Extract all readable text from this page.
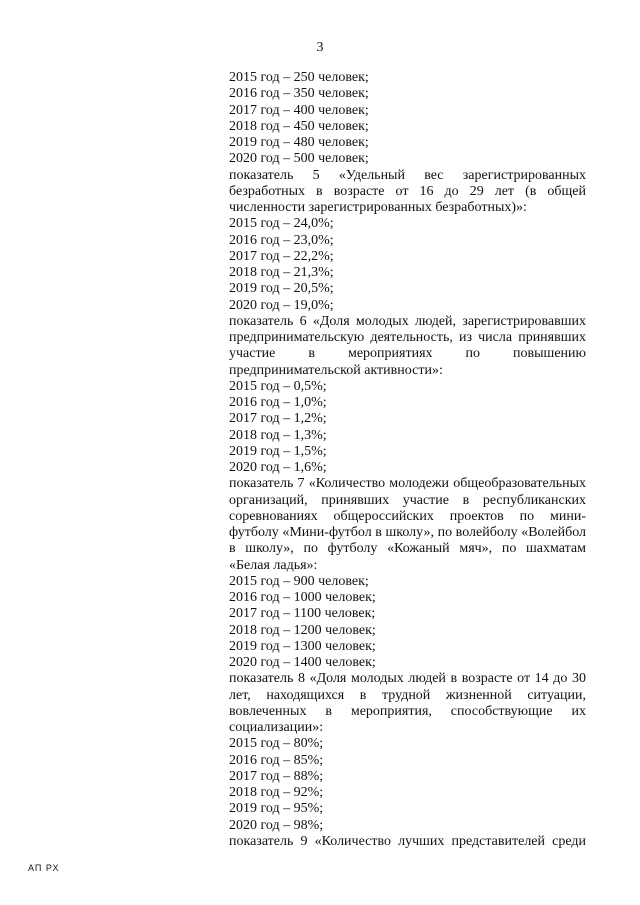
3
2015 год – 250 человек;
2016 год – 350 человек;
2017 год – 400 человек;
2018 год – 450 человек;
2019 год – 480 человек;
2020 год – 500 человек;
показатель 5 «Удельный вес зарегистрированных безработных в возрасте от 16 до 29 лет (в общей численности зарегистрированных безработных)»:
2015 год – 24,0%;
2016 год – 23,0%;
2017 год – 22,2%;
2018 год – 21,3%;
2019 год – 20,5%;
2020 год – 19,0%;
показатель 6 «Доля молодых людей, зарегистрировавших предпринимательскую деятельность, из числа принявших участие в мероприятиях по повышению предпринимательской активности»:
2015 год – 0,5%;
2016 год – 1,0%;
2017 год – 1,2%;
2018 год – 1,3%;
2019 год – 1,5%;
2020 год – 1,6%;
показатель 7 «Количество молодежи общеобразовательных организаций, принявших участие в республиканских соревнованиях общероссийских проектов по мини-футболу «Мини-футбол в школу», по волейболу «Волейбол в школу», по футболу «Кожаный мяч», по шахматам «Белая ладья»:
2015 год – 900 человек;
2016 год – 1000 человек;
2017 год – 1100 человек;
2018 год – 1200 человек;
2019 год – 1300 человек;
2020 год – 1400 человек;
показатель 8 «Доля молодых людей в возрасте от 14 до 30 лет, находящихся в трудной жизненной ситуации, вовлеченных в мероприятия, способствующие их социализации»:
2015 год – 80%;
2016 год – 85%;
2017 год – 88%;
2018 год – 92%;
2019 год – 95%;
2020 год – 98%;
показатель 9 «Количество лучших представителей среди
АП РХ
